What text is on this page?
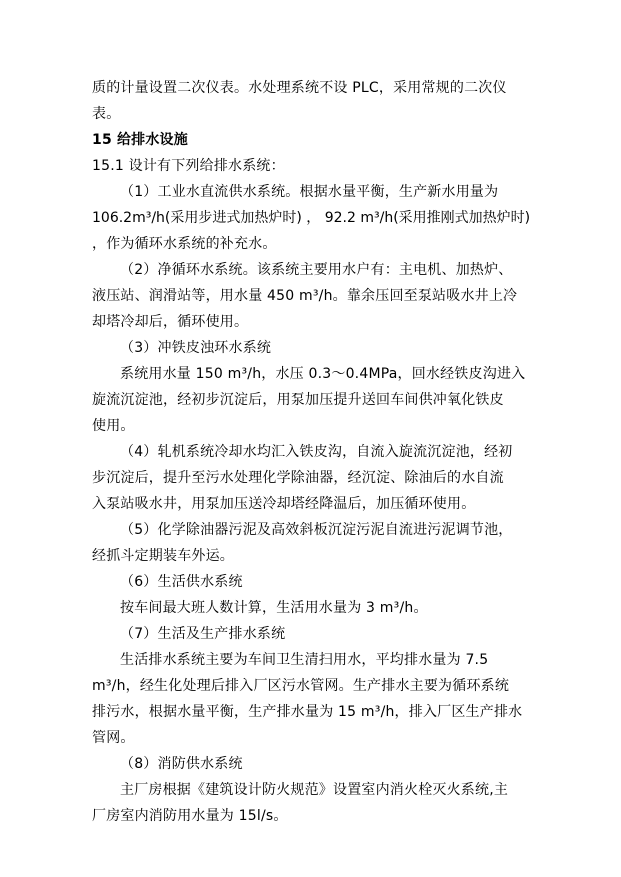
质的计量设置二次仪表。水处理系统不设 PLC，采用常规的二次仪
表。
15 给排水设施
15.1 设计有下列给排水系统：
（1）工业水直流供水系统。根据水量平衡，生产新水用量为
106.2m³/h(采用步进式加热炉时) ， 92.2 m³/h(采用推刚式加热炉时)
，作为循环水系统的补充水。
（2）净循环水系统。该系统主要用水户有：主电机、加热炉、
液压站、润滑站等，用水量 450 m³/h。靠余压回至泵站吸水井上冷
却塔冷却后，循环使用。
（3）冲铁皮浊环水系统
系统用水量 150 m³/h，水压 0.3～0.4MPa，回水经铁皮沟进入
旋流沉淀池，经初步沉淀后，用泵加压提升送回车间供冲氧化铁皮
使用。
（4）轧机系统冷却水均汇入铁皮沟，自流入旋流沉淀池，经初
步沉淀后，提升至污水处理化学除油器，经沉淀、除油后的水自流
入泵站吸水井，用泵加压送冷却塔经降温后，加压循环使用。
（5）化学除油器污泥及高效斜板沉淀污泥自流进污泥调节池，
经抓斗定期装车外运。
（6）生活供水系统
按车间最大班人数计算，生活用水量为 3 m³/h。
（7）生活及生产排水系统
生活排水系统主要为车间卫生清扫用水，平均排水量为 7.5
m³/h，经生化处理后排入厂区污水管网。生产排水主要为循环系统
排污水，根据水量平衡，生产排水量为 15 m³/h，排入厂区生产排水
管网。
（8）消防供水系统
主厂房根据《建筑设计防火规范》设置室内消火栓灭火系统,主
厂房室内消防用水量为 15l/s。
